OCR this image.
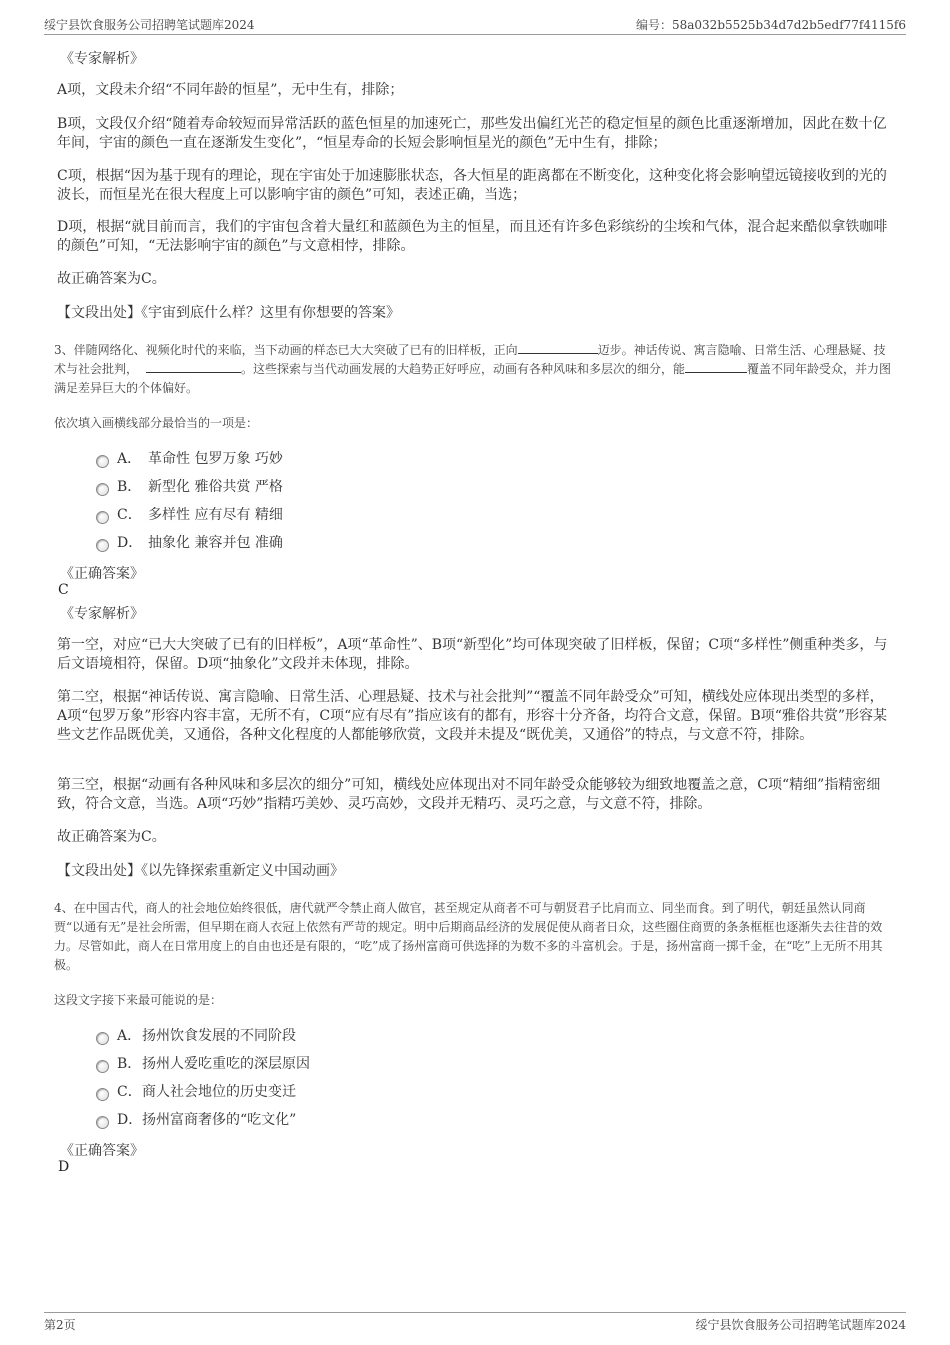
绥宁县饮食服务公司招聘笔试题库2024	编号：58a032b5525b34d7d2b5edf77f4115f6
《专家解析》
A项，文段未介绍“不同年龄的恒星”，无中生有，排除；
B项，文段仅介绍“随着寿命较短而异常活跃的蓝色恒星的加速死亡，那些发出偏红光芒的稳定恒星的颜色比重逐渐增加，因此在数十亿年间，宇宙的颜色一直在逐渐发生变化”，“恒星寿命的长短会影响恒星光的颜色”无中生有，排除；
C项，根据“因为基于现有的理论，现在宇宙处于加速膨胀状态，各大恒星的距离都在不断变化，这种变化将会影响望远镜接收到的光的波长，而恒星光在很大程度上可以影响宇宙的颜色”可知，表述正确，当选；
D项，根据“就目前而言，我们的宇宙包含着大量红和蓝颜色为主的恒星，而且还有许多色彩缤纷的尘埃和气体，混合起来酷似拿铁咖啡的颜色”可知，“无法影响宇宙的颜色”与文意相悖，排除。
故正确答案为C。
【文段出处】《宇宙到底什么样？这里有你想要的答案》
3、伴随网络化、视频化时代的来临，当下动画的样态已大大突破了已有的旧样板，正向	迈步。神话传说、寓言隐喻、日常生活、心理悬疑、技术与社会批判，	。这些探索与当代动画发展的大趋势正好呼应，动画有各种风味和多层次的细分，能	覆盖不同年龄受众，并力图满足差异巨大的个体偏好。
依次填入画横线部分最恰当的一项是：
A． 革命性 包罗万象 巧妙
B． 新型化 雅俗共赏 严格
C． 多样性 应有尽有 精细
D． 抽象化 兼容并包 准确
《正确答案》
C
《专家解析》
第一空，对应“已大大突破了已有的旧样板”，A项“革命性”、B项“新型化”均可体现突破了旧样板，保留；C项“多样性”侧重种类多，与后文语境相符，保留。D项“抽象化”文段并未体现，排除。
第二空，根据“神话传说、寓言隐喻、日常生活、心理悬疑、技术与社会批判”“覆盖不同年龄受众”可知，横线处应体现出类型的多样，A项“包罗万象”形容内容丰富，无所不有，C项“应有尽有”指应该有的都有，形容十分齐备，均符合文意，保留。B项“雅俗共赏”形容某些文艺作品既优美，又通俗，各种文化程度的人都能够欣赏，文段并未提及“既优美，又通俗”的特点，与文意不符，排除。
第三空，根据“动画有各种风味和多层次的细分”可知，横线处应体现出对不同年龄受众能够较为细致地覆盖之意，C项“精细”指精密细致，符合文意，当选。A项“巧妙”指精巧美妙、灵巧高妙，文段并无精巧、灵巧之意，与文意不符，排除。
故正确答案为C。
【文段出处】《以先锋探索重新定义中国动画》
4、在中国古代，商人的社会地位始终很低，唐代就严令禁止商人做官，甚至规定从商者不可与朝贤君子比肩而立、同坐而食。到了明代，朝廷虽然认同商贾“以通有无”是社会所需，但早期在商人衣冠上依然有严苛的规定。明中后期商品经济的发展促使从商者日众，这些圈住商贾的条条框框也逐渐失去往昔的效力。尽管如此，商人在日常用度上的自由也还是有限的，“吃”成了扬州富商可供选择的为数不多的斗富机会。于是，扬州富商一掷千金，在“吃”上无所不用其极。
这段文字接下来最可能说的是：
A． 扬州饮食发展的不同阶段
B． 扬州人爱吃重吃的深层原因
C． 商人社会地位的历史变迁
D． 扬州富商奢侈的“吃文化”
《正确答案》
D
第2页	绥宁县饮食服务公司招聘笔试题库2024
